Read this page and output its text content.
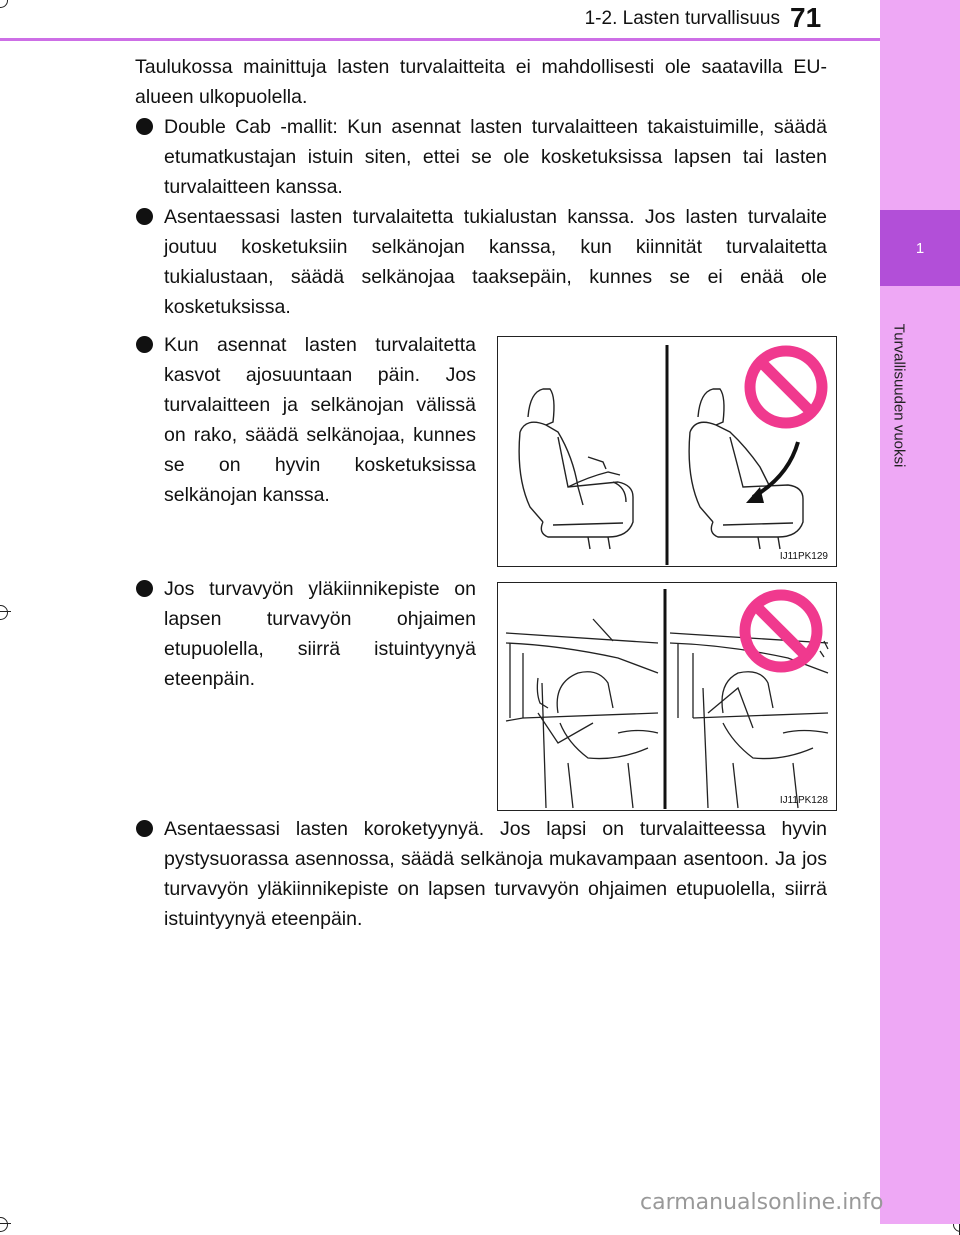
1
Turvallisuuden vuoksi
1-2. Lasten turvallisuus 71
Taulukossa mainittuja lasten turvalaitteita ei mahdollisesti ole saatavilla EU-alueen ulkopuolella.
Double Cab -mallit: Kun asennat lasten turvalaitteen takaistuimille, säädä etumatkustajan istuin siten, ettei se ole kosketuksissa lapsen tai lasten turvalaitteen kanssa.
Asentaessasi lasten turvalaitetta tukialustan kanssa. Jos lasten turvalaite joutuu kosketuksiin selkänojan kanssa, kun kiinnität turvalaitetta tukialustaan, säädä selkänojaa taaksepäin, kunnes se ei enää ole kosketuksissa.
Kun asennat lasten turvalaitetta kasvot ajosuuntaan päin. Jos turvalaitteen ja selkänojan välissä on rako, säädä selkänojaa, kunnes se on hyvin kosketuksissa selkänojan kanssa.
Jos turvavyön yläkiinnikepiste on lapsen turvavyön ohjaimen etupuolella, siirrä istuintyynyä eteenpäin.
Asentaessasi lasten koroketyynyä. Jos lapsi on turvalaitteessa hyvin pystysuorassa asennossa, säädä selkänoja mukavampaan asentoon. Ja jos turvavyön yläkiinnikepiste on lapsen turvavyön ohjaimen etupuolella, siirrä istuintyynyä eteenpäin.
IJ11PK129
IJ11PK128
carmanualsonline.info
